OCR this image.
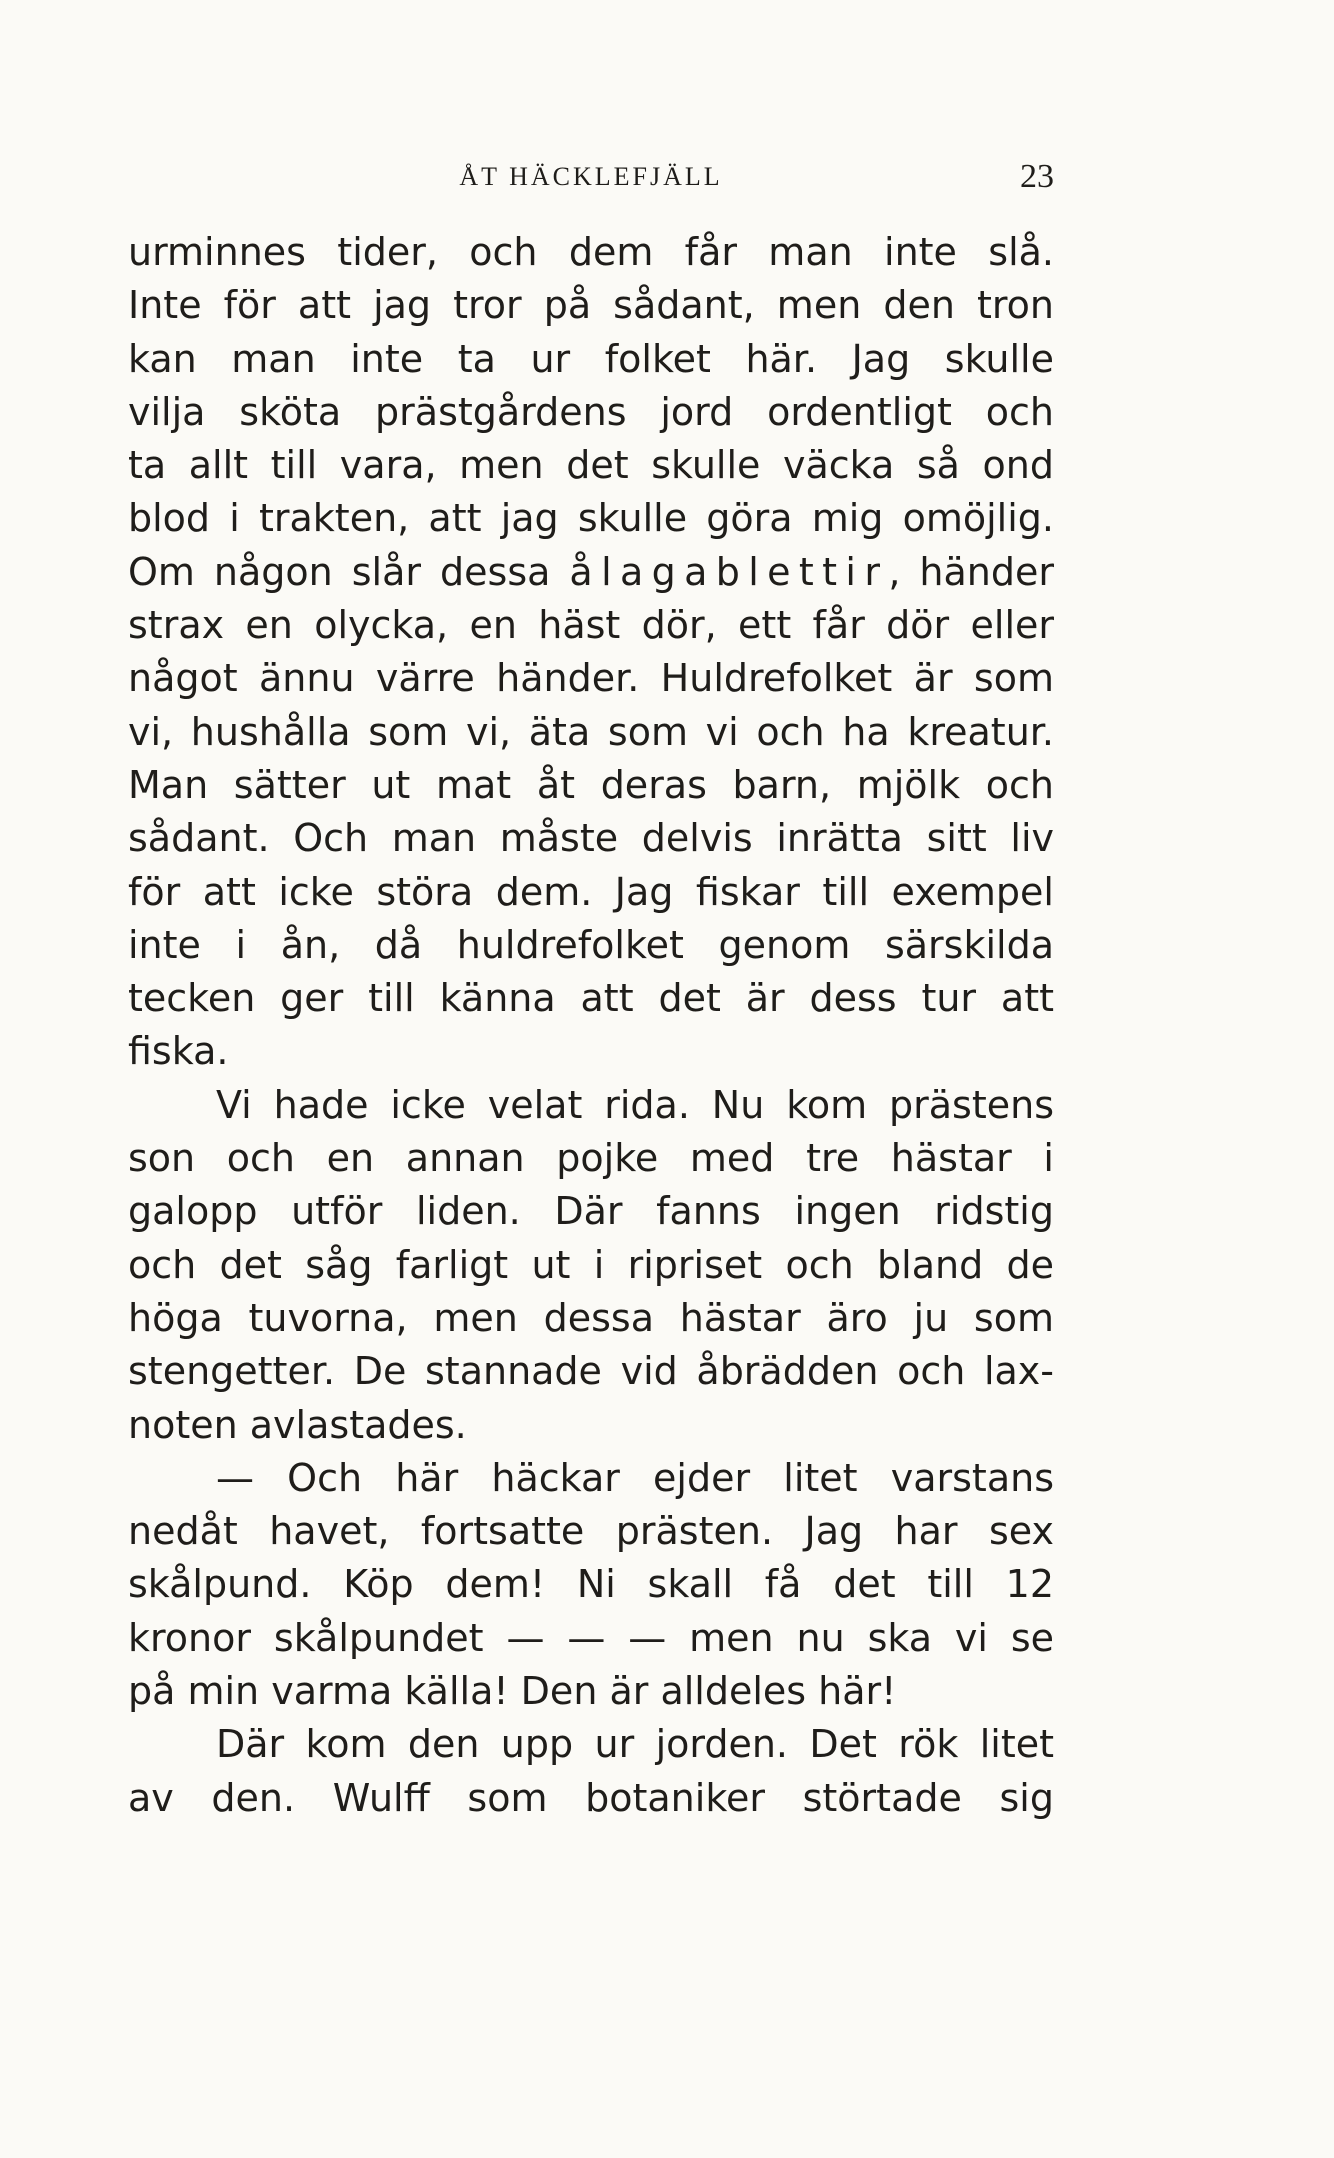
ÅT HÄCKLEFJÄLL	23
urminnes tider, och dem får man inte slå.
Inte för att jag tror på sådant, men den tron
kan man inte ta ur folket här. Jag skulle
vilja sköta prästgårdens jord ordentligt och
ta allt till vara, men det skulle väcka så ond
blod i trakten, att jag skulle göra mig omöjlig.
Om någon slår dessa ålagablettir, händer
strax en olycka, en häst dör, ett får dör eller
något ännu värre händer. Huldrefolket är som
vi, hushålla som vi, äta som vi och ha kreatur.
Man sätter ut mat åt deras barn, mjölk och
sådant. Och man måste delvis inrätta sitt liv
för att icke störa dem. Jag fiskar till exempel
inte i ån, då huldrefolket genom särskilda
tecken ger till känna att det är dess tur att
fiska.
Vi hade icke velat rida. Nu kom prästens
son och en annan pojke med tre hästar i
galopp utför liden. Där fanns ingen ridstig
och det såg farligt ut i ripriset och bland de
höga tuvorna, men dessa hästar äro ju som
stengetter. De stannade vid åbrädden och lax-
noten avlastades.
— Och här häckar ejder litet varstans
nedåt havet, fortsatte prästen. Jag har sex
skålpund. Köp dem! Ni skall få det till 12
kronor skålpundet — — — men nu ska vi se
på min varma källa! Den är alldeles här!
Där kom den upp ur jorden. Det rök litet
av den. Wulff som botaniker störtade sig
